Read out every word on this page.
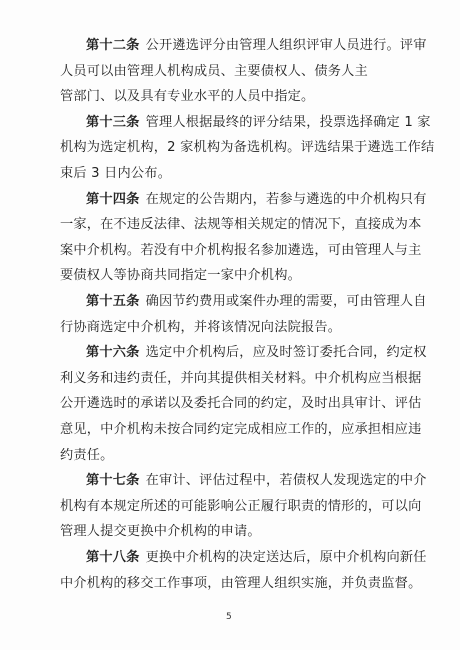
第十二条 公开遴选评分由管理人组织评审人员进行。评审
人员可以由管理人机构成员、主要债权人、债务人主
管部门、以及具有专业水平的人员中指定。
第十三条 管理人根据最终的评分结果，投票选择确定 1 家
机构为选定机构，2 家机构为备选机构。评选结果于遴选工作结
束后 3 日内公布。
第十四条 在规定的公告期内，若参与遴选的中介机构只有
一家，在不违反法律、法规等相关规定的情况下，直接成为本
案中介机构。若没有中介机构报名参加遴选，可由管理人与主
要债权人等协商共同指定一家中介机构。
第十五条 确因节约费用或案件办理的需要，可由管理人自
行协商选定中介机构，并将该情况向法院报告。
第十六条 选定中介机构后，应及时签订委托合同，约定权
利义务和违约责任，并向其提供相关材料。中介机构应当根据
公开遴选时的承诺以及委托合同的约定，及时出具审计、评估
意见，中介机构未按合同约定完成相应工作的，应承担相应违
约责任。
第十七条 在审计、评估过程中，若债权人发现选定的中介
机构有本规定所述的可能影响公正履行职责的情形的，可以向
管理人提交更换中介机构的申请。
第十八条 更换中介机构的决定送达后，原中介机构向新任
中介机构的移交工作事项，由管理人组织实施，并负责监督。
5
